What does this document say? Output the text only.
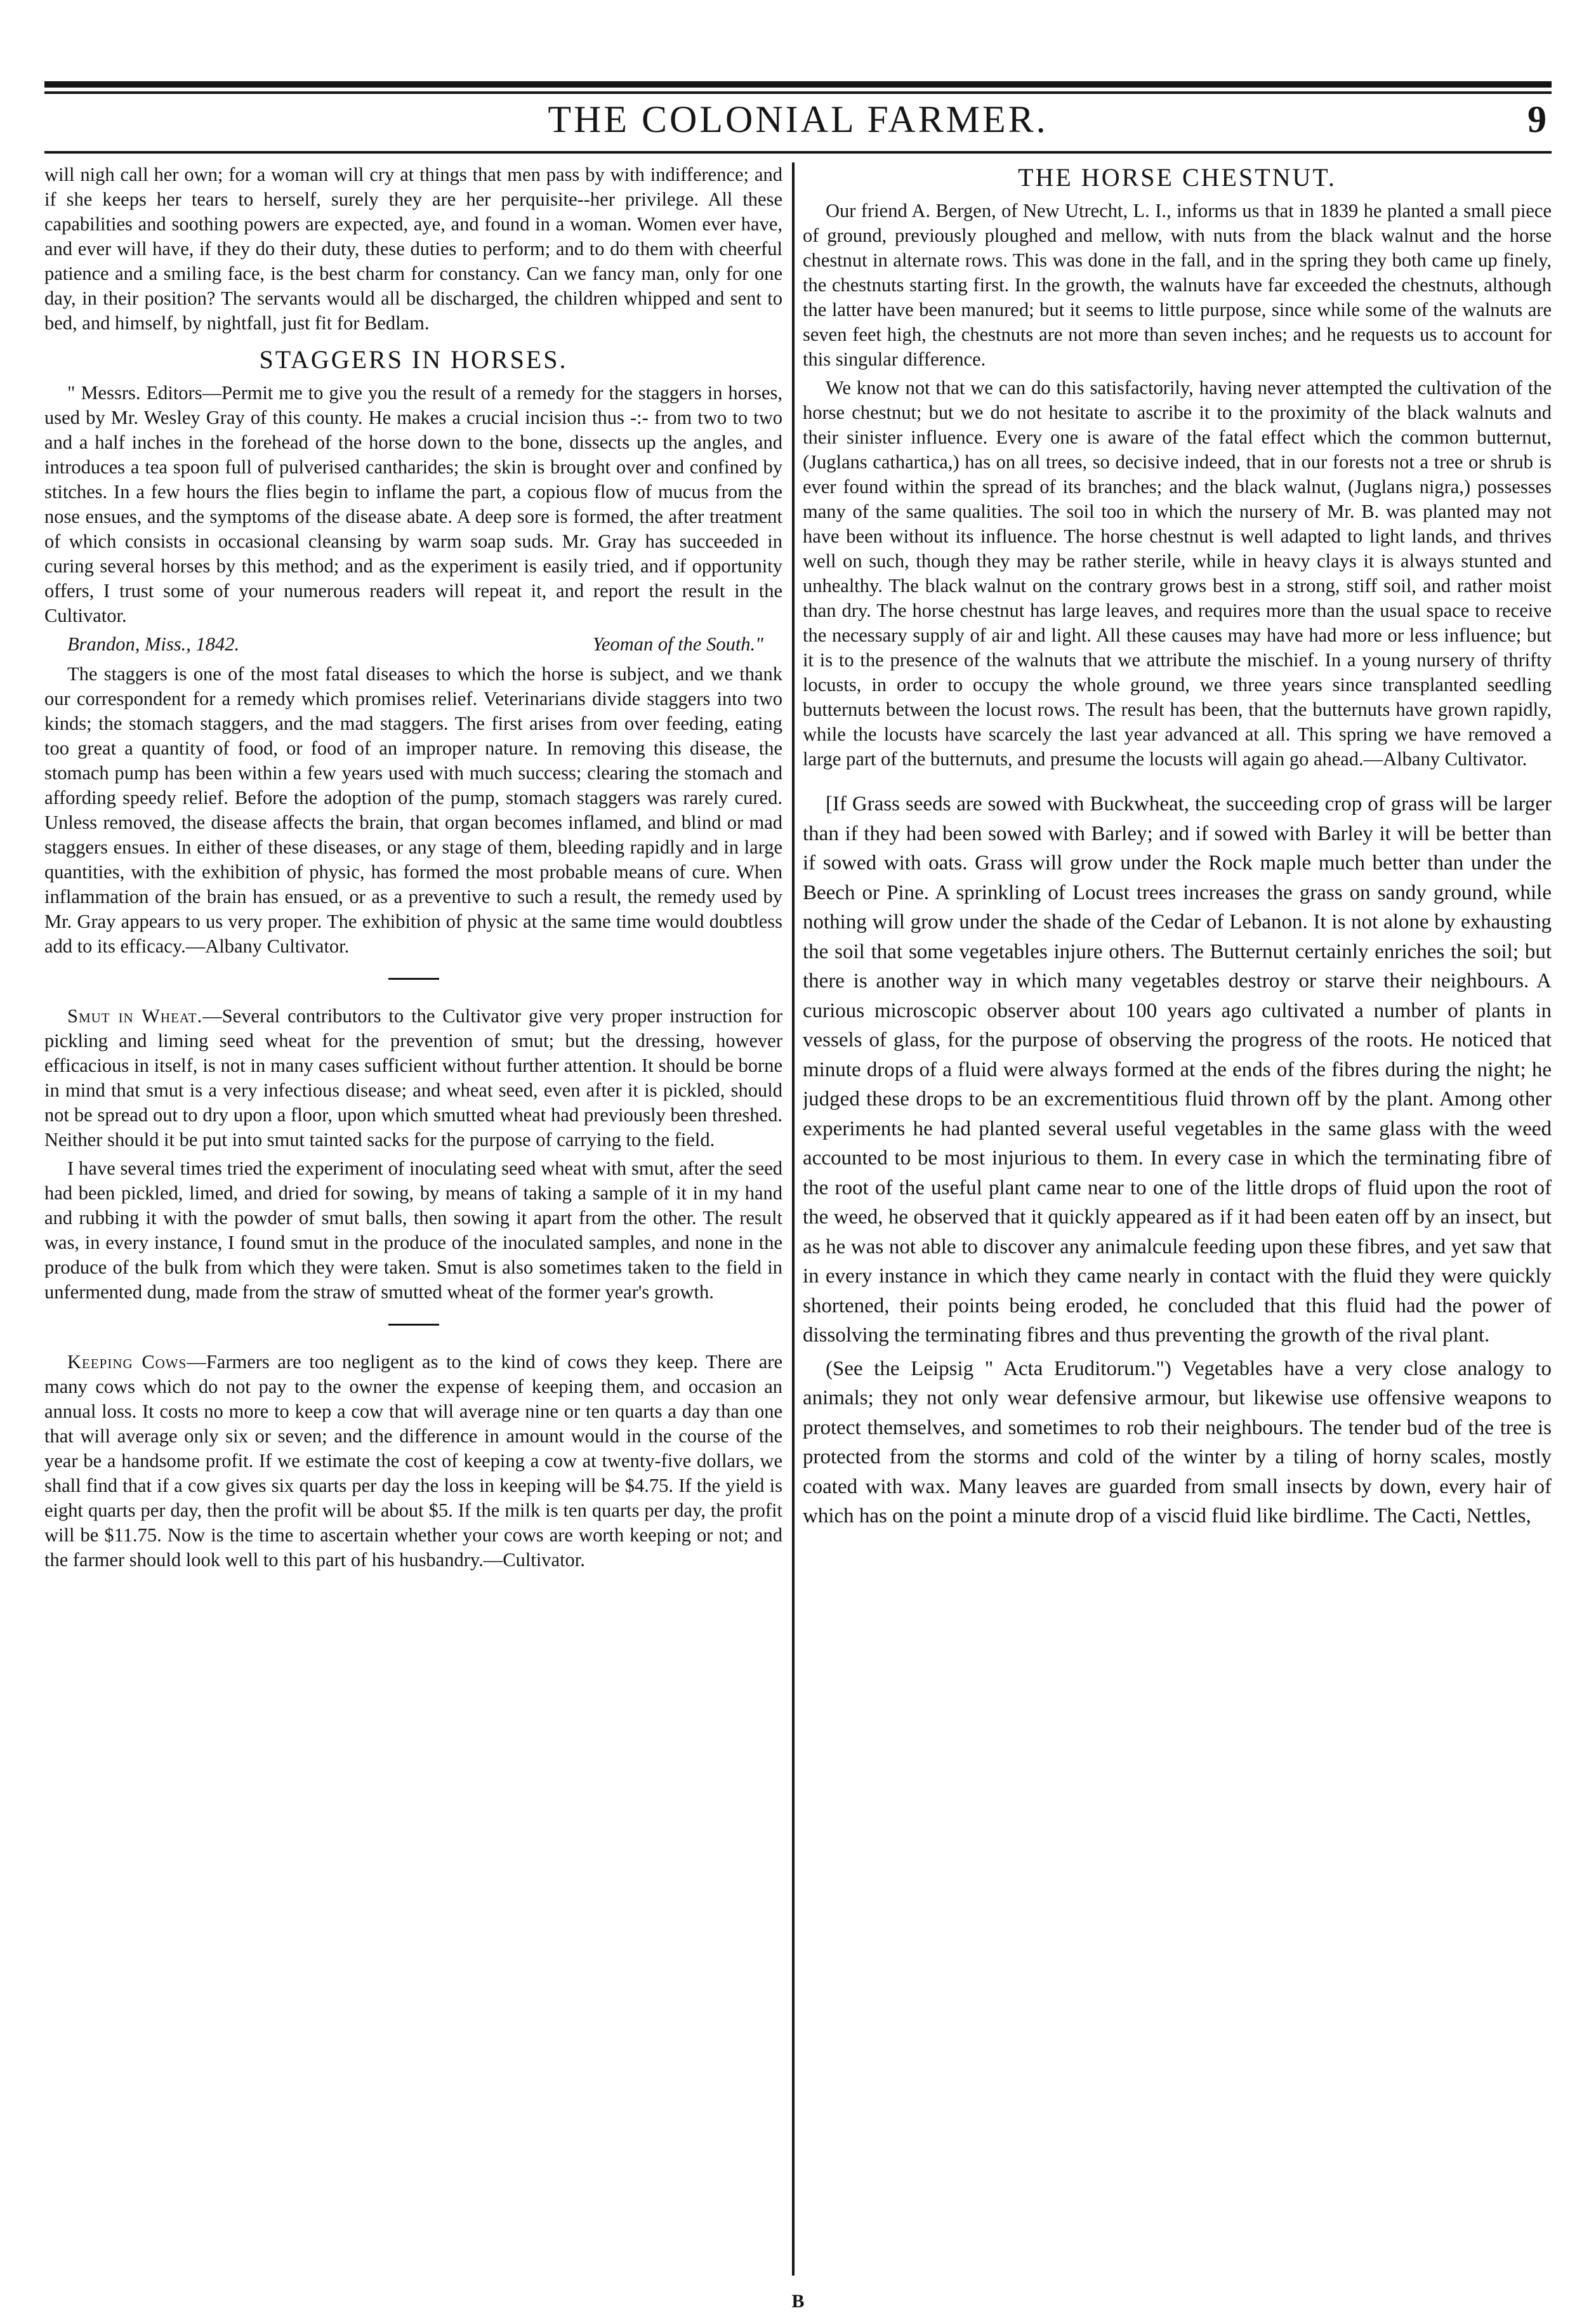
THE COLONIAL FARMER.	9

will nigh call her own; for a woman will cry at things that men pass by with indifference; and if she keeps her tears to herself, surely they are her perquisite--her privilege. All these capabilities and soothing powers are expected, aye, and found in a woman. Women ever have, and ever will have, if they do their duty, these duties to perform; and to do them with cheerful patience and a smiling face, is the best charm for constancy. Can we fancy man, only for one day, in their position? The servants would all be discharged, the children whipped and sent to bed, and himself, by nightfall, just fit for Bedlam.

STAGGERS IN HORSES.

" Messrs. Editors—Permit me to give you the result of a remedy for the staggers in horses, used by Mr. Wesley Gray of this county. He makes a crucial incision thus -:- from two to two and a half inches in the forehead of the horse down to the bone, dissects up the angles, and introduces a tea spoon full of pulverised cantharides; the skin is brought over and confined by stitches. In a few hours the flies begin to inflame the part, a copious flow of mucus from the nose ensues, and the symptoms of the disease abate. A deep sore is formed, the after treatment of which consists in occasional cleansing by warm soap suds. Mr. Gray has succeeded in curing several horses by this method; and as the experiment is easily tried, and if opportunity offers, I trust some of your numerous readers will repeat it, and report the result in the Cultivator.

Brandon, Miss., 1842.	Yeoman of the South."

The staggers is one of the most fatal diseases to which the horse is subject, and we thank our correspondent for a remedy which promises relief. Veterinarians divide staggers into two kinds; the stomach staggers, and the mad staggers. The first arises from over feeding, eating too great a quantity of food, or food of an improper nature. In removing this disease, the stomach pump has been within a few years used with much success; clearing the stomach and affording speedy relief. Before the adoption of the pump, stomach staggers was rarely cured. Unless removed, the disease affects the brain, that organ becomes inflamed, and blind or mad staggers ensues. In either of these diseases, or any stage of them, bleeding rapidly and in large quantities, with the exhibition of physic, has formed the most probable means of cure. When inflammation of the brain has ensued, or as a preventive to such a result, the remedy used by Mr. Gray appears to us very proper. The exhibition of physic at the same time would doubtless add to its efficacy.—Albany Cultivator.

Smut in Wheat.—Several contributors to the Cultivator give very proper instruction for pickling and liming seed wheat for the prevention of smut; but the dressing, however efficacious in itself, is not in many cases sufficient without further attention. It should be borne in mind that smut is a very infectious disease; and wheat seed, even after it is pickled, should not be spread out to dry upon a floor, upon which smutted wheat had previously been threshed. Neither should it be put into smut tainted sacks for the purpose of carrying to the field.

I have several times tried the experiment of inoculating seed wheat with smut, after the seed had been pickled, limed, and dried for sowing, by means of taking a sample of it in my hand and rubbing it with the powder of smut balls, then sowing it apart from the other. The result was, in every instance, I found smut in the produce of the inoculated samples, and none in the produce of the bulk from which they were taken. Smut is also sometimes taken to the field in unfermented dung, made from the straw of smutted wheat of the former year's growth.

Keeping Cows—Farmers are too negligent as to the kind of cows they keep. There are many cows which do not pay to the owner the expense of keeping them, and occasion an annual loss. It costs no more to keep a cow that will average nine or ten quarts a day than one that will average only six or seven; and the difference in amount would in the course of the year be a handsome profit. If we estimate the cost of keeping a cow at twenty-five dollars, we shall find that if a cow gives six quarts per day the loss in keeping will be $4.75. If the yield is eight quarts per day, then the profit will be about $5. If the milk is ten quarts per day, the profit will be $11.75. Now is the time to ascertain whether your cows are worth keeping or not; and the farmer should look well to this part of his husbandry.—Cultivator.

THE HORSE CHESTNUT.

Our friend A. Bergen, of New Utrecht, L. I., informs us that in 1839 he planted a small piece of ground, previously ploughed and mellow, with nuts from the black walnut and the horse chestnut in alternate rows. This was done in the fall, and in the spring they both came up finely, the chestnuts starting first. In the growth, the walnuts have far exceeded the chestnuts, although the latter have been manured; but it seems to little purpose, since while some of the walnuts are seven feet high, the chestnuts are not more than seven inches; and he requests us to account for this singular difference.

We know not that we can do this satisfactorily, having never attempted the cultivation of the horse chestnut; but we do not hesitate to ascribe it to the proximity of the black walnuts and their sinister influence. Every one is aware of the fatal effect which the common butternut, (Juglans cathartica,) has on all trees, so decisive indeed, that in our forests not a tree or shrub is ever found within the spread of its branches; and the black walnut, (Juglans nigra,) possesses many of the same qualities. The soil too in which the nursery of Mr. B. was planted may not have been without its influence. The horse chestnut is well adapted to light lands, and thrives well on such, though they may be rather sterile, while in heavy clays it is always stunted and unhealthy. The black walnut on the contrary grows best in a strong, stiff soil, and rather moist than dry. The horse chestnut has large leaves, and requires more than the usual space to receive the necessary supply of air and light. All these causes may have had more or less influence; but it is to the presence of the walnuts that we attribute the mischief. In a young nursery of thrifty locusts, in order to occupy the whole ground, we three years since transplanted seedling butternuts between the locust rows. The result has been, that the butternuts have grown rapidly, while the locusts have scarcely the last year advanced at all. This spring we have removed a large part of the butternuts, and presume the locusts will again go ahead.—Albany Cultivator.

[If Grass seeds are sowed with Buckwheat, the succeeding crop of grass will be larger than if they had been sowed with Barley; and if sowed with Barley it will be better than if sowed with oats. Grass will grow under the Rock maple much better than under the Beech or Pine. A sprinkling of Locust trees increases the grass on sandy ground, while nothing will grow under the shade of the Cedar of Lebanon. It is not alone by exhausting the soil that some vegetables injure others. The Butternut certainly enriches the soil; but there is another way in which many vegetables destroy or starve their neighbours. A curious microscopic observer about 100 years ago cultivated a number of plants in vessels of glass, for the purpose of observing the progress of the roots. He noticed that minute drops of a fluid were always formed at the ends of the fibres during the night; he judged these drops to be an excrementitious fluid thrown off by the plant. Among other experiments he had planted several useful vegetables in the same glass with the weed accounted to be most injurious to them. In every case in which the terminating fibre of the root of the useful plant came near to one of the little drops of fluid upon the root of the weed, he observed that it quickly appeared as if it had been eaten off by an insect, but as he was not able to discover any animalcule feeding upon these fibres, and yet saw that in every instance in which they came nearly in contact with the fluid they were quickly shortened, their points being eroded, he concluded that this fluid had the power of dissolving the terminating fibres and thus preventing the growth of the rival plant.

(See the Leipsig " Acta Eruditorum.") Vegetables have a very close analogy to animals; they not only wear defensive armour, but likewise use offensive weapons to protect themselves, and sometimes to rob their neighbours. The tender bud of the tree is protected from the storms and cold of the winter by a tiling of horny scales, mostly coated with wax. Many leaves are guarded from small insects by down, every hair of which has on the point a minute drop of a viscid fluid like birdlime. The Cacti, Nettles,

B
